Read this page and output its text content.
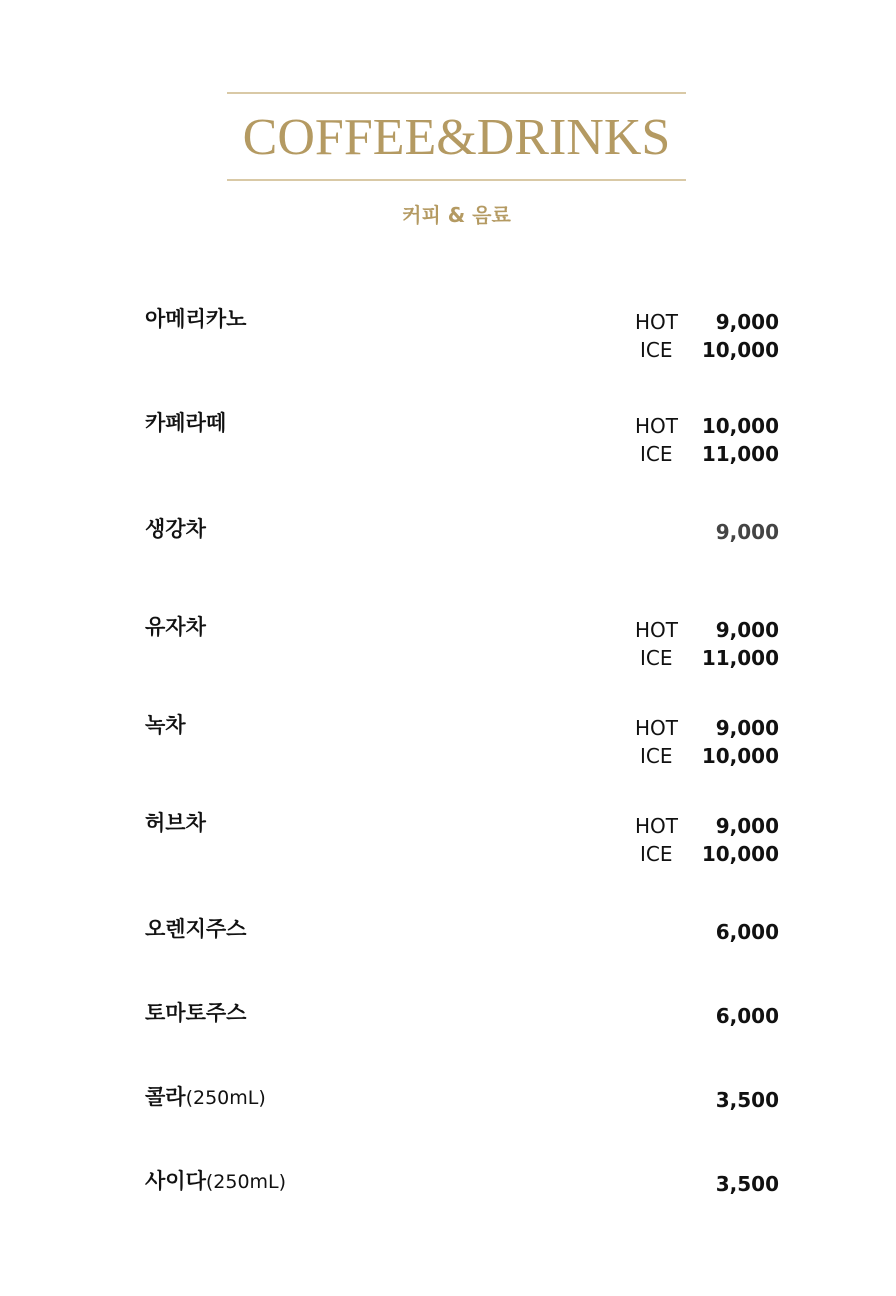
COFFEE&DRINKS
커피 & 음료
아메리카노	HOT	9,000
ICE	10,000
카페라떼	HOT	10,000
ICE	11,000
생강차	9,000
유자차	HOT	9,000
ICE	11,000
녹차	HOT	9,000
ICE	10,000
허브차	HOT	9,000
ICE	10,000
오렌지주스	6,000
토마토주스	6,000
콜라(250mL)	3,500
사이다(250mL)	3,500
